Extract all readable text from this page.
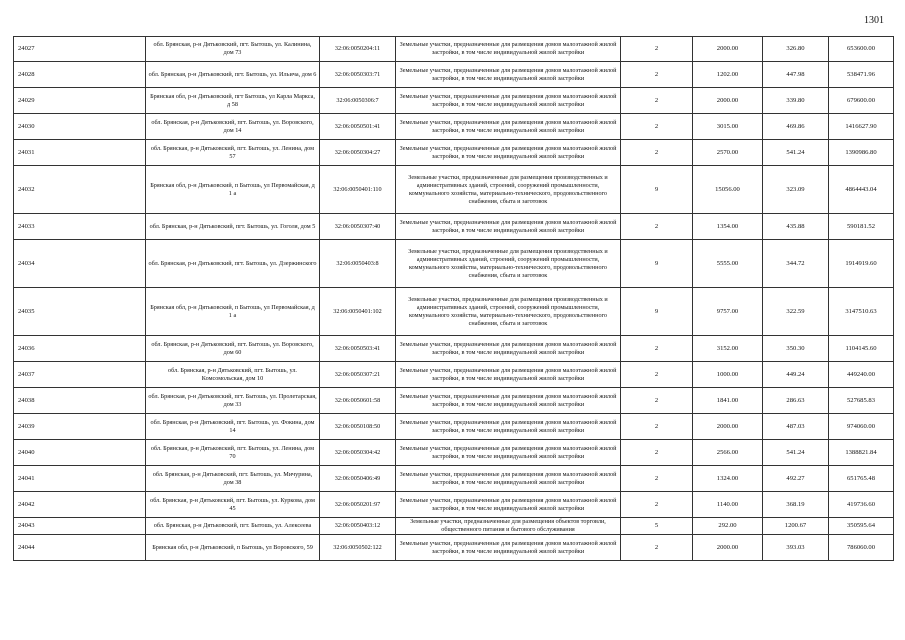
1301
24027	обл. Брянская, р-н Дятьковский, пгт. Бытошь, ул. Калинина, дом 73	32:06:0050204:11	Земельные участки, предназначенные для размещения домов малоэтажной жилой застройки, в том числе индивидуальной жилой застройки	2	2000.00	326.80	653600.00
24028	обл. Брянская, р-н Дятьковский, пгт. Бытошь, ул. Ильича, дом 6	32:06:0050303:71	Земельные участки, предназначенные для размещения домов малоэтажной жилой застройки, в том числе индивидуальной жилой застройки	2	1202.00	447.98	538471.96
24029	Брянская обл, р-н Дятьковский, пгт Бытошь, ул Карла Маркса, д 58	32:06:0050306:7	Земельные участки, предназначенные для размещения домов малоэтажной жилой застройки, в том числе индивидуальной жилой застройки	2	2000.00	339.80	679600.00
24030	обл. Брянская, р-н Дятьковский, пгт. Бытошь, ул. Воровского, дом 14	32:06:0050501:41	Земельные участки, предназначенные для размещения домов малоэтажной жилой застройки, в том числе индивидуальной жилой застройки	2	3015.00	469.86	1416627.90
24031	обл. Брянская, р-н Дятьковский, пгт. Бытошь, ул. Ленина, дом 57	32:06:0050304:27	Земельные участки, предназначенные для размещения домов малоэтажной жилой застройки, в том числе индивидуальной жилой застройки	2	2570.00	541.24	1390986.80
24032	Брянская обл, р-н Дятьковский, п Бытошь, ул Первомайская, д 1 а	32:06:0050401:110	Земельные участки, предназначенные для размещения производственных и административных зданий, строений, сооружений промышленности, коммунального хозяйства, материально-технического, продовольственного снабжения, сбыта и заготовок	9	15056.00	323.09	4864443.04
24033	обл. Брянская, р-н Дятьковский, пгт. Бытошь, ул. Гоголя, дом 5	32:06:0050307:40	Земельные участки, предназначенные для размещения домов малоэтажной жилой застройки, в том числе индивидуальной жилой застройки	2	1354.00	435.88	590181.52
24034	обл. Брянская, р-н Дятьковский, пгт. Бытошь, ул. Дзержинского	32:06:0050403:8	Земельные участки, предназначенные для размещения производственных и административных зданий, строений, сооружений промышленности, коммунального хозяйства, материально-технического, продовольственного снабжения, сбыта и заготовок	9	5555.00	344.72	1914919.60
24035	Брянская обл, р-н Дятьковский, п Бытошь, ул Первомайская, д 1 а	32:06:0050401:102	Земельные участки, предназначенные для размещения производственных и административных зданий, строений, сооружений промышленности, коммунального хозяйства, материально-технического, продовольственного снабжения, сбыта и заготовок	9	9757.00	322.59	3147510.63
24036	обл. Брянская, р-н Дятьковский, пгт. Бытошь, ул. Воровского, дом 60	32:06:0050503:41	Земельные участки, предназначенные для размещения домов малоэтажной жилой застройки, в том числе индивидуальной жилой застройки	2	3152.00	350.30	1104145.60
24037	обл. Брянская, р-н Дятьковский, пгт. Бытошь, ул. Комсомольская, дом 10	32:06:0050307:21	Земельные участки, предназначенные для размещения домов малоэтажной жилой застройки, в том числе индивидуальной жилой застройки	2	1000.00	449.24	449240.00
24038	обл. Брянская, р-н Дятьковский, пгт. Бытошь, ул. Пролетарская, дом 33	32:06:0050601:58	Земельные участки, предназначенные для размещения домов малоэтажной жилой застройки, в том числе индивидуальной жилой застройки	2	1841.00	286.63	527685.83
24039	обл. Брянская, р-н Дятьковский, пгт. Бытошь, ул. Фокина, дом 14	32:06:0050108:50	Земельные участки, предназначенные для размещения домов малоэтажной жилой застройки, в том числе индивидуальной жилой застройки	2	2000.00	487.03	974060.00
24040	обл. Брянская, р-н Дятьковский, пгт. Бытошь, ул. Ленина, дом 70	32:06:0050304:42	Земельные участки, предназначенные для размещения домов малоэтажной жилой застройки, в том числе индивидуальной жилой застройки	2	2566.00	541.24	1388821.84
24041	обл. Брянская, р-н Дятьковский, пгт. Бытошь, ул. Мичурина, дом 38	32:06:0050406:49	Земельные участки, предназначенные для размещения домов малоэтажной жилой застройки, в том числе индивидуальной жилой застройки	2	1324.00	492.27	651765.48
24042	обл. Брянская, р-н Дятьковский, пгт. Бытошь, ул. Куркова, дом 45	32:06:0050201:97	Земельные участки, предназначенные для размещения домов малоэтажной жилой застройки, в том числе индивидуальной жилой застройки	2	1140.00	368.19	419736.60
24043	обл. Брянская, р-н Дятьковский, пгт. Бытошь, ул. Алексеева	32:06:0050403:12	Земельные участки, предназначенные для размещения объектов торговли, общественного питания и бытового обслуживания	5	292.00	1200.67	350595.64
24044	Брянская обл, р-н Дятьковский, п Бытошь, ул Воровского, 59	32:06:0050502:122	Земельные участки, предназначенные для размещения домов малоэтажной жилой застройки, в том числе индивидуальной жилой застройки	2	2000.00	393.03	786060.00
